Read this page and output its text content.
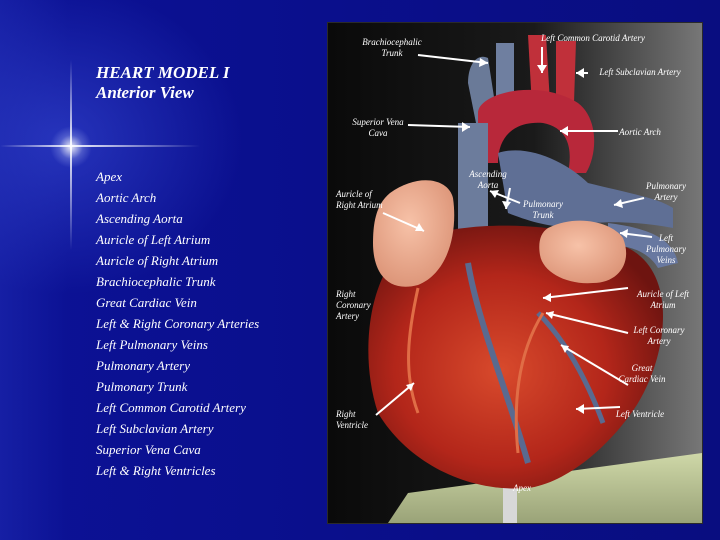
HEART MODEL I
Anterior View
Apex
Aortic Arch
Ascending Aorta
Auricle of Left Atrium
Auricle of Right Atrium
Brachiocephalic Trunk
Great Cardiac Vein
Left & Right Coronary Arteries
Left Pulmonary Veins
Pulmonary Artery
Pulmonary Trunk
Left Common Carotid Artery
Left Subclavian Artery
Superior Vena Cava
Left & Right Ventricles
Brachiocephalic Trunk
Left Common Carotid Artery
Left Subclavian Artery
Superior Vena Cava	Aortic Arch
Ascending Aorta
Auricle of Right Atrium	Pulmonary Trunk
Pulmonary Artery
Left Pulmonary Veins
Auricle of Left Atrium
Right Coronary Artery
Left Coronary Artery
Great Cardiac Vein
Right Ventricle
Left Ventricle
Apex
